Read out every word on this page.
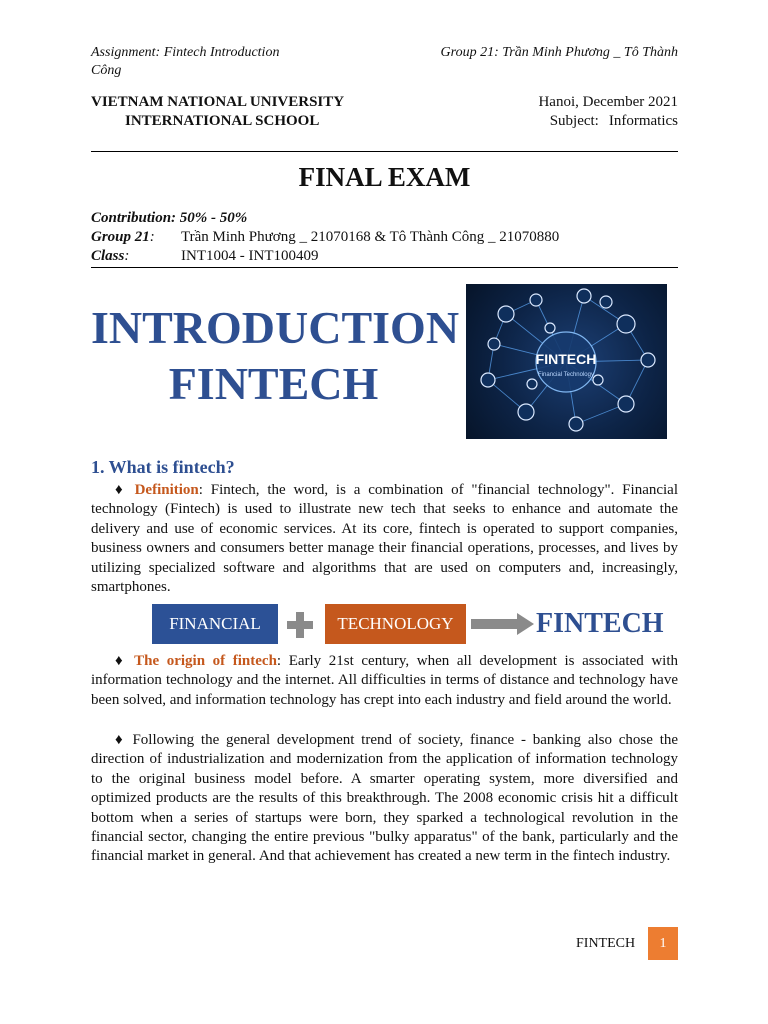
Assignment: Fintech Introduction Công
Group 21: Trần Minh Phương _ Tô Thành
VIETNAM NATIONAL UNIVERSITY
INTERNATIONAL SCHOOL
Hanoi, December 2021
Subject: Informatics
FINAL EXAM
Contribution: 50% - 50%
Group 21: Trần Minh Phương _ 21070168 & Tô Thành Công _ 21070880
Class:	INT1004 - INT100409
INTRODUCTION
FINTECH	FINTECH
Financial Technology
1. What is fintech?
♦ Definition: Fintech, the word, is a combination of "financial technology". Financial technology (Fintech) is used to illustrate new tech that seeks to enhance and automate the delivery and use of economic services. At its core, fintech is operated to support companies, business owners and consumers better manage their financial operations, processes, and lives by utilizing specialized software and algorithms that are used on computers and, increasingly, smartphones.
FINANCIAL	TECHNOLOGY	FINTECH
♦ The origin of fintech: Early 21st century, when all development is associated with information technology and the internet. All difficulties in terms of distance and technology have been solved, and information technology has crept into each industry and field around the world.
♦ Following the general development trend of society, finance - banking also chose the direction of industrialization and modernization from the application of information technology to the original business model before. A smarter operating system, more diversified and optimized products are the results of this breakthrough. The 2008 economic crisis hit a difficult bottom when a series of startups were born, they sparked a technological revolution in the financial sector, changing the entire previous "bulky apparatus" of the bank, particularly and the financial market in general. And that achievement has created a new term in the fintech industry.
FINTECH	1
